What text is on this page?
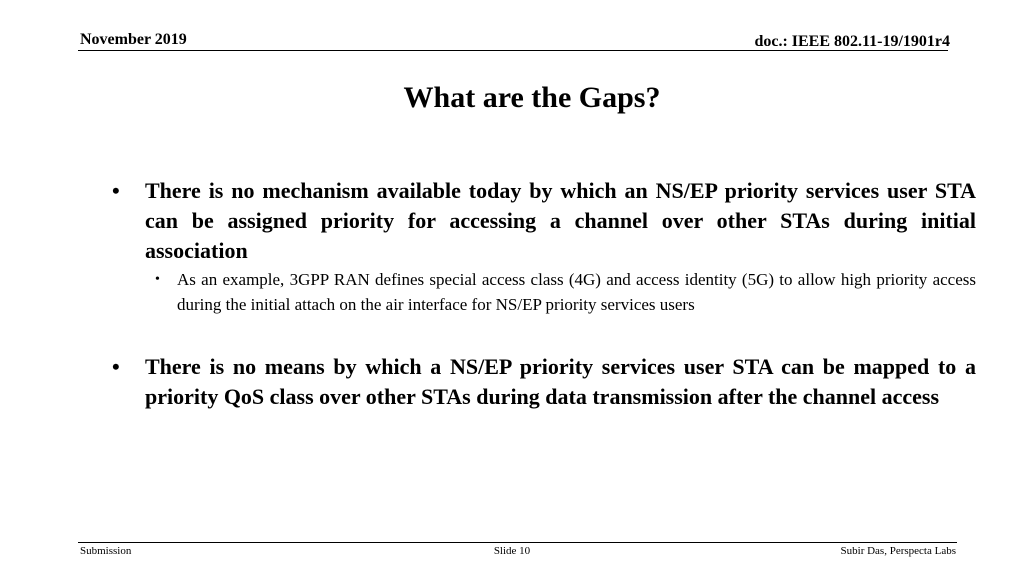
November 2019	doc.: IEEE 802.11-19/1901r4
What are the Gaps?
• There is no mechanism available today by which an NS/EP priority services user STA can be assigned priority for accessing a channel over other STAs during initial association
• As an example, 3GPP RAN defines special access class (4G) and access identity (5G) to allow high priority access during the initial attach on the air interface for NS/EP priority services users
• There is no means by which a NS/EP priority services user STA can be mapped to a priority QoS class over other STAs during data transmission after the channel access
Submission	Slide 10	Subir Das, Perspecta Labs
